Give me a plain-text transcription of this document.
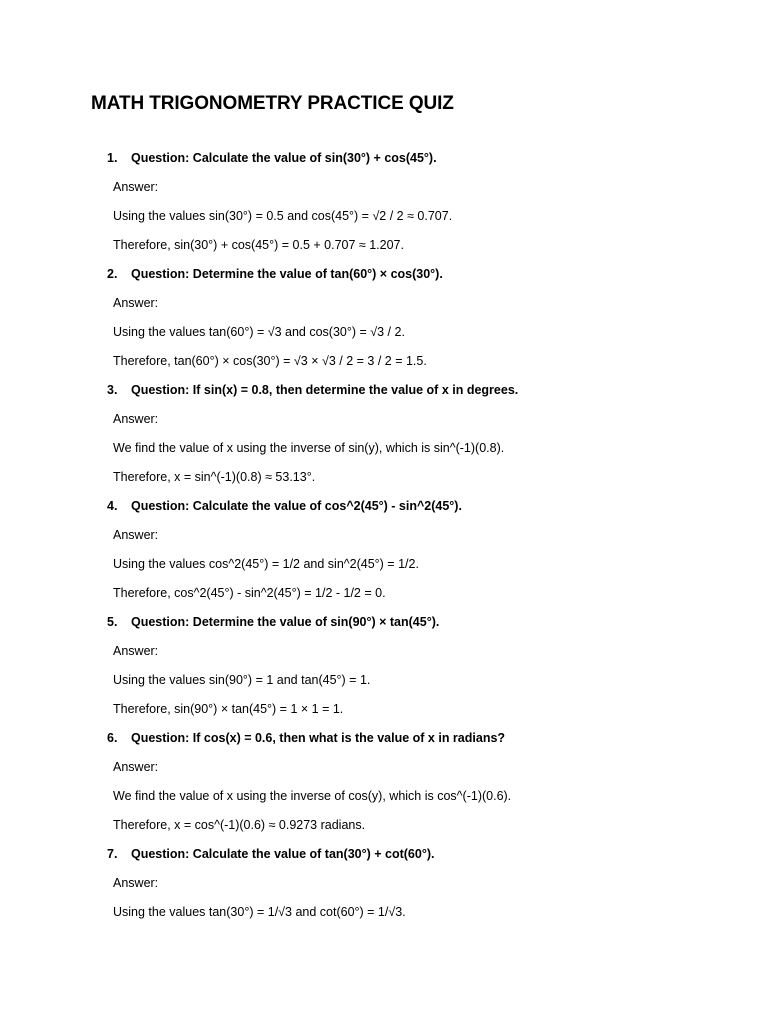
MATH TRIGONOMETRY PRACTICE QUIZ
1. Question: Calculate the value of sin(30°) + cos(45°).
Answer:
Using the values sin(30°) = 0.5 and cos(45°) = √2 / 2 ≈ 0.707.
Therefore, sin(30°) + cos(45°) = 0.5 + 0.707 ≈ 1.207.
2. Question: Determine the value of tan(60°) × cos(30°).
Answer:
Using the values tan(60°) = √3 and cos(30°) = √3 / 2.
Therefore, tan(60°) × cos(30°) = √3 × √3 / 2 = 3 / 2 = 1.5.
3. Question: If sin(x) = 0.8, then determine the value of x in degrees.
Answer:
We find the value of x using the inverse of sin(y), which is sin^(-1)(0.8).
Therefore, x = sin^(-1)(0.8) ≈ 53.13°.
4. Question: Calculate the value of cos^2(45°) - sin^2(45°).
Answer:
Using the values cos^2(45°) = 1/2 and sin^2(45°) = 1/2.
Therefore, cos^2(45°) - sin^2(45°) = 1/2 - 1/2 = 0.
5. Question: Determine the value of sin(90°) × tan(45°).
Answer:
Using the values sin(90°) = 1 and tan(45°) = 1.
Therefore, sin(90°) × tan(45°) = 1 × 1 = 1.
6. Question: If cos(x) = 0.6, then what is the value of x in radians?
Answer:
We find the value of x using the inverse of cos(y), which is cos^(-1)(0.6).
Therefore, x = cos^(-1)(0.6) ≈ 0.9273 radians.
7. Question: Calculate the value of tan(30°) + cot(60°).
Answer:
Using the values tan(30°) = 1/√3 and cot(60°) = 1/√3.
